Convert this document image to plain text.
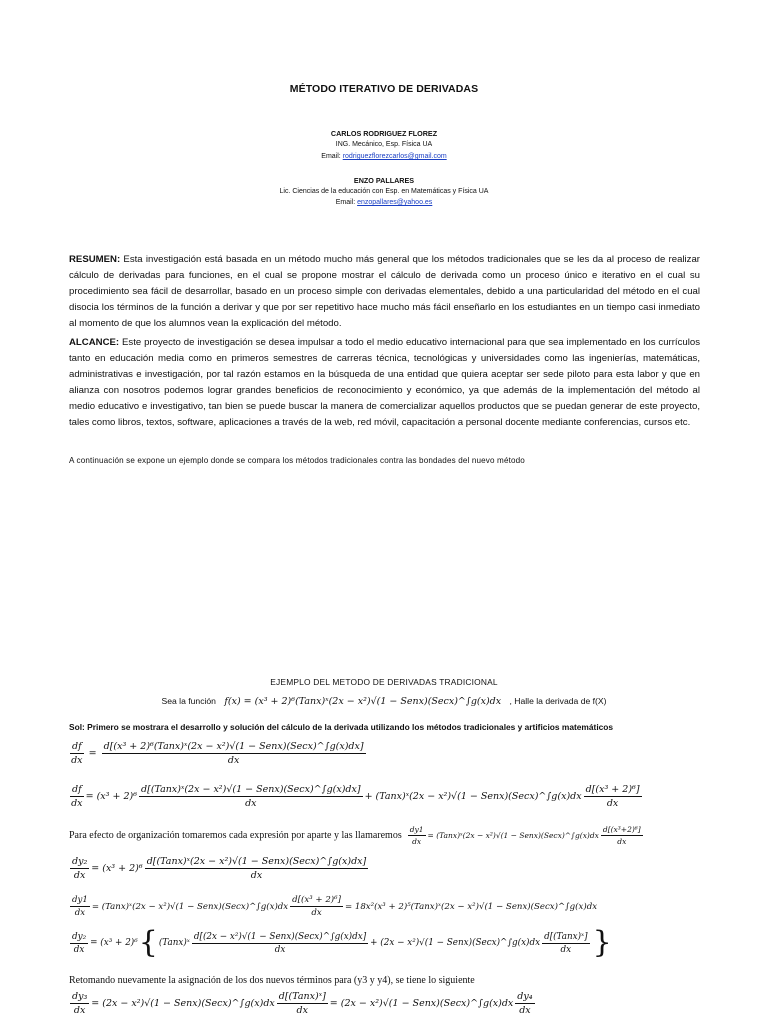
MÉTODO ITERATIVO DE DERIVADAS
CARLOS RODRIGUEZ FLOREZ
ING. Mecánico, Esp. Física UA
Email: rodriguezflorezcarlos@gmail.com
ENZO PALLARES
Lic. Ciencias de la educación con Esp. en Matemáticas y Física UA
Email: enzopallares@yahoo.es
RESUMEN: Esta investigación está basada en un método mucho más general que los métodos tradicionales que se les da al proceso de realizar cálculo de derivadas para funciones, en el cual se propone mostrar el cálculo de derivada como un proceso único e iterativo en el cual su procedimiento sea fácil de desarrollar, basado en un proceso simple con derivadas elementales, debido a una particularidad del método en el cual disocia los términos de la función a derivar y que por ser repetitivo hace mucho más fácil enseñarlo en los estudiantes en un tiempo casi inmediato al momento de que los alumnos vean la explicación del método.
ALCANCE: Este proyecto de investigación se desea impulsar a todo el medio educativo internacional para que sea implementado en los currículos tanto en educación media como en primeros semestres de carreras técnica, tecnológicas y universidades como las ingenierías, matemáticas, administrativas e investigación, por tal razón estamos en la búsqueda de una entidad que quiera aceptar ser sede piloto para esta labor y que en alianza con nosotros podemos lograr grandes beneficios de reconocimiento y económico, ya que además de la implementación del método al medio educativo e investigativo, tan bien se puede buscar la manera de comercializar aquellos productos que se puedan generar de este proyecto, tales como libros, textos, software, aplicaciones a través de la web, red móvil, capacitación a personal docente mediante conferencias, cursos etc.
A continuación se expone un ejemplo donde se compara los métodos tradicionales contra las bondades del nuevo método
EJEMPLO DEL METODO DE DERIVADAS TRADICIONAL
Sea la función f(x) = (x³ + 2)⁶(Tanx)ˣ(2x − x²)√(1 − Senx)(Secx)^∫g(x)dx , Halle la derivada de f(X)
Sol: Primero se mostrara el desarrollo y solución del cálculo de la derivada utilizando los métodos tradicionales y artificios matemáticos
$\frac{df}{dx} = \frac{\text{d[(x³ + 2)⁶(Tanx)ˣ(2x − x²)√(1 − Senx)(Secx)\textasciicircum{}∫g(x)dx]}}{dx}$
$\frac{df}{dx} = (x^3 + 2)^6 \frac{\text{d[(Tanx)ˣ(2x − x²)√(1 − Senx)(Secx)\textasciicircum{}∫g(x)dx]}}{dx}$ + (Tanx)ˣ(2x − x²)√(1 − Senx)(Secx)^∫g(x)dx $\frac{\text{d[(x³ + 2)⁶]}}{dx}$
Para efecto de organización tomaremos cada expresión por aparte y las llamaremos $\frac{dy1}{dx}$ = (Tanx)ˣ(2x − x²)√(1 − Senx)(Secx)^∫g(x)dx $\frac{\text{d[(x³+2)⁶]}}{dx}$
$\frac{\text{dy₂}}{dx} = (x^3 + 2)^6 \frac{\text{d[(Tanx)ˣ(2x − x²)√(1 − Senx)(Secx)\textasciicircum{}∫g(x)dx]}}{dx}$
$\frac{dy1}{dx}$ = (Tanx)ˣ(2x − x²)√(1 − Senx)(Secx)^∫g(x)dx $\frac{\text{d[(x³ + 2)⁶]}}{dx} = 18x^2(x^3$ + 2)⁵(Tanx)ˣ(2x − x²)√(1 − Senx)(Secx)^∫g(x)dx
$\frac{\text{dy₂}}{dx} = (x^3 + 2)^6$ { (Tanx)ˣ $\frac{\text{d[(2x − x²)√(1 − Senx)(Secx)\textasciicircum{}∫g(x)dx]}}{dx} + (2x - x^2)√(1$ − Senx)(Secx)^∫g(x)dx $\frac{\text{d[(Tanx)ˣ]}}{dx}$ }
Retomando nuevamente la asignación de los dos nuevos términos para (y3 y y4), se tiene lo siguiente
$\frac{\text{dy₃}}{dx} = (2x - x^2)√(1$ − Senx)(Secx)^∫g(x)dx $\frac{\text{d[(Tanx)ˣ]}}{dx} = (2x - x^2)√(1$ − Senx)(Secx)^∫g(x)dx $\frac{\text{dy₄}}{dx}$
